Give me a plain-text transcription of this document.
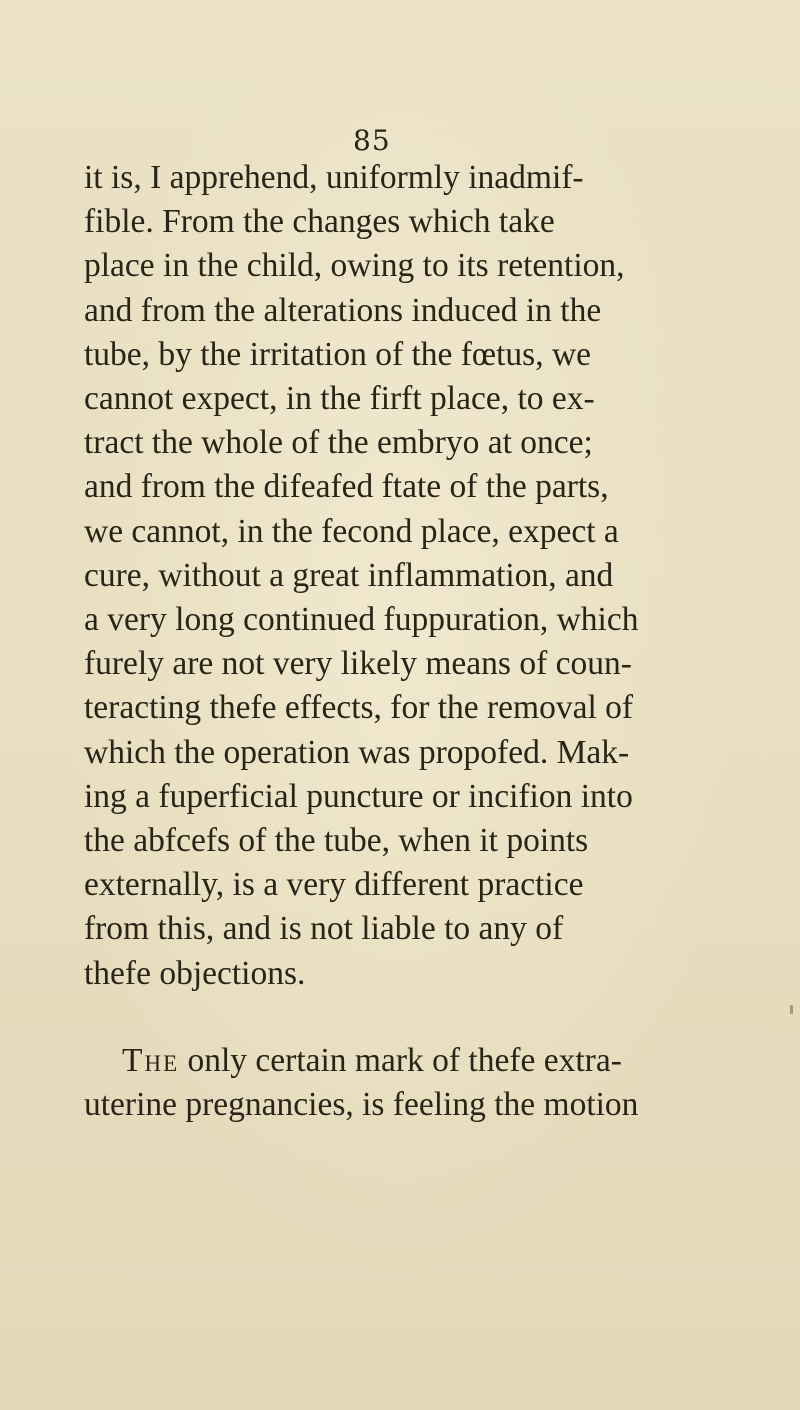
85
it is, I apprehend, uniformly inadmif-
fible. From the changes which take
place in the child, owing to its retention,
and from the alterations induced in the
tube, by the irritation of the fœtus, we
cannot expect, in the firft place, to ex-
tract the whole of the embryo at once;
and from the difeafed ftate of the parts,
we cannot, in the fecond place, expect a
cure, without a great inflammation, and
a very long continued fuppuration, which
furely are not very likely means of coun-
teracting thefe effects, for the removal of
which the operation was propofed. Mak-
ing a fuperficial puncture or incifion into
the abfcefs of the tube, when it points
externally, is a very different practice
from this, and is not liable to any of
thefe objections.
The only certain mark of thefe extra-
uterine pregnancies, is feeling the motion
